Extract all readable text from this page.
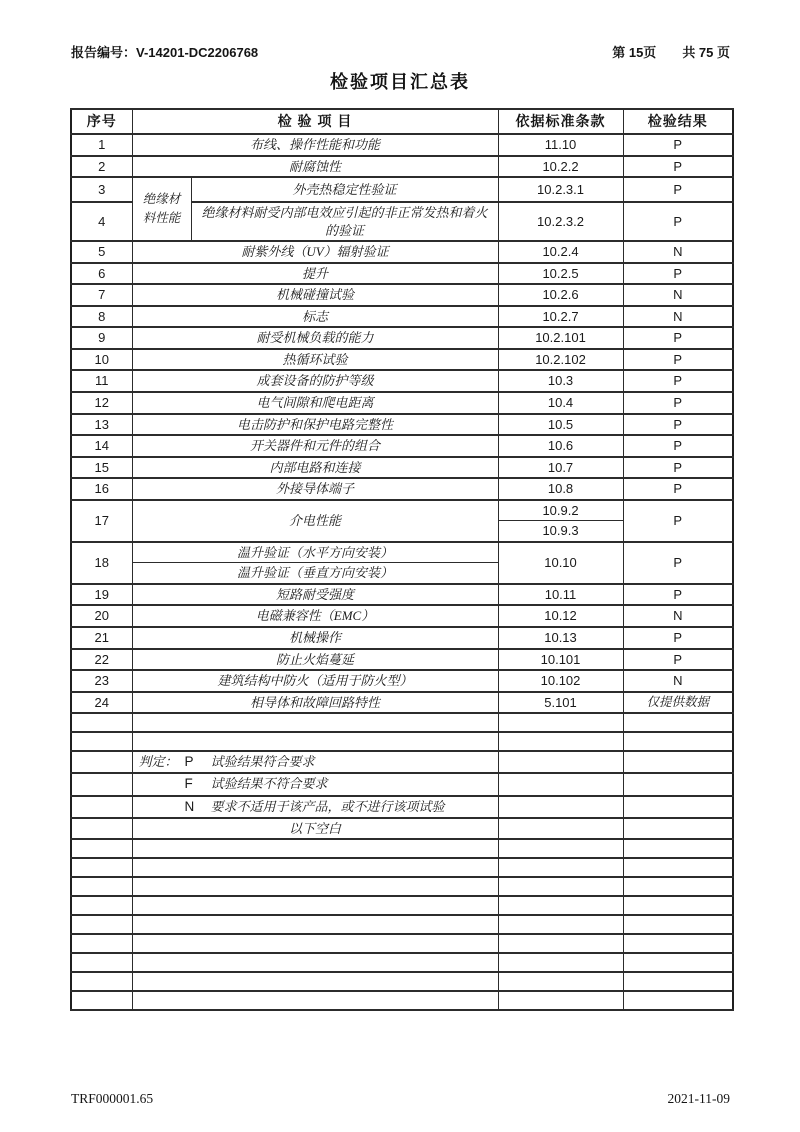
报告编号：V-14201-DC2206768	第 15页 共 75 页
检验项目汇总表
序号	检 验 项 目		依据标准条款	检验结果
1	布线、操作性能和功能		11.10	P
2	耐腐蚀性		10.2.2	P
3	绝缘材料性能	外壳热稳定性验证	10.2.3.1	P
4		绝缘材料耐受内部电效应引起的非正常发热和着火的验证	10.2.3.2	P
5	耐紫外线（UV）辐射验证		10.2.4	N
6	提升		10.2.5	P
7	机械碰撞试验		10.2.6	N
8	标志		10.2.7	N
9	耐受机械负载的能力		10.2.101	P
10	热循环试验		10.2.102	P
11	成套设备的防护等级		10.3	P
12	电气间隙和爬电距离		10.4	P
13	电击防护和保护电路完整性		10.5	P
14	开关器件和元件的组合		10.6	P
15	内部电路和连接		10.7	P
16	外接导体端子		10.8	P
17	介电性能		10.9.2	P
			10.9.3	
18	温升验证（水平方向安装）		10.10	P
	温升验证（垂直方向安装）			
19	短路耐受强度		10.11	P
20	电磁兼容性（EMC）		10.12	N
21	机械操作		10.13	P
22	防止火焰蔓延		10.101	P
23	建筑结构中防火（适用于防火型）		10.102	N
24	相导体和故障回路特性		5.101	仅提供数据

	判定： P 试验结果符合要求			
	F 试验结果不符合要求			
	N 要求不适用于该产品，或不进行该项试验			
	以下空白			

TRF000001.65	2021-11-09
